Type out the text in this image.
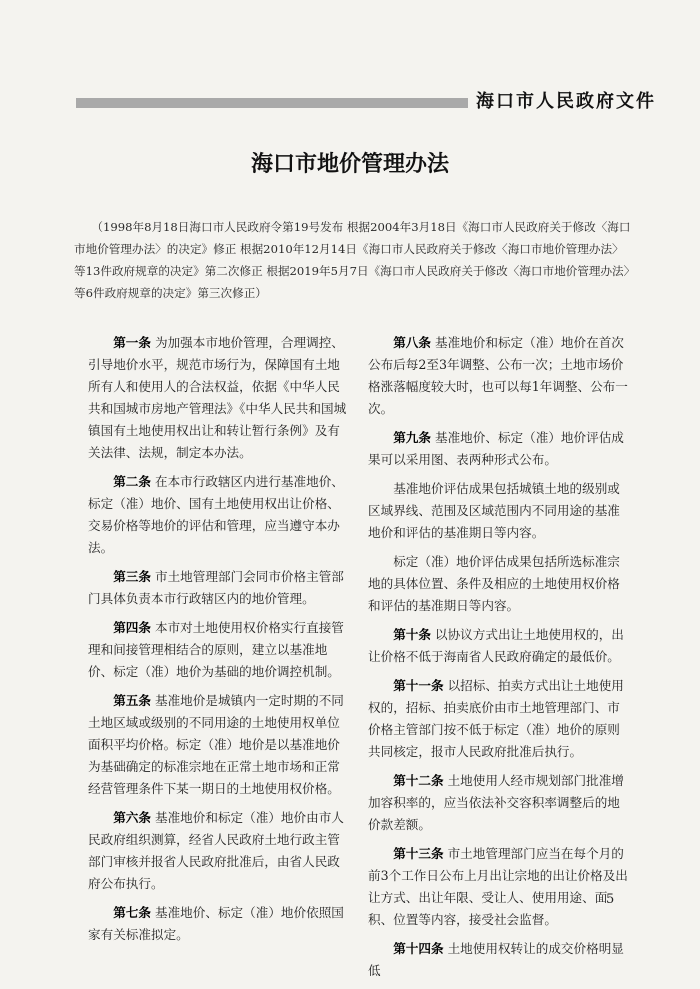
海口市人民政府文件
海口市地价管理办法
（1998年8月18日海口市人民政府令第19号发布 根据2004年3月18日《海口市人民政府关于修改〈海口市地价管理办法〉的决定》修正 根据2010年12月14日《海口市人民政府关于修改〈海口市地价管理办法〉等13件政府规章的决定》第二次修正 根据2019年5月7日《海口市人民政府关于修改〈海口市地价管理办法〉等6件政府规章的决定》第三次修正）

第一条 为加强本市地价管理，合理调控、引导地价水平，规范市场行为，保障国有土地所有人和使用人的合法权益，依据《中华人民共和国城市房地产管理法》《中华人民共和国城镇国有土地使用权出让和转让暂行条例》及有关法律、法规，制定本办法。

第二条 在本市行政辖区内进行基准地价、标定（准）地价、国有土地使用权出让价格、交易价格等地价的评估和管理，应当遵守本办法。

第三条 市土地管理部门会同市价格主管部门具体负责本市行政辖区内的地价管理。

第四条 本市对土地使用权价格实行直接管理和间接管理相结合的原则，建立以基准地价、标定（准）地价为基础的地价调控机制。

第五条 基准地价是城镇内一定时期的不同土地区域或级别的不同用途的土地使用权单位面积平均价格。标定（准）地价是以基准地价为基础确定的标准宗地在正常土地市场和正常经营管理条件下某一期日的土地使用权价格。

第六条 基准地价和标定（准）地价由市人民政府组织测算，经省人民政府土地行政主管部门审核并报省人民政府批准后，由省人民政府公布执行。

第七条 基准地价、标定（准）地价依照国家有关标准拟定。

第八条 基准地价和标定（准）地价在首次公布后每2至3年调整、公布一次；土地市场价格涨落幅度较大时，也可以每1年调整、公布一次。

第九条 基准地价、标定（准）地价评估成果可以采用图、表两种形式公布。

基准地价评估成果包括城镇土地的级别或区域界线、范围及区域范围内不同用途的基准地价和评估的基准期日等内容。

标定（准）地价评估成果包括所选标准宗地的具体位置、条件及相应的土地使用权价格和评估的基准期日等内容。

第十条 以协议方式出让土地使用权的，出让价格不低于海南省人民政府确定的最低价。

第十一条 以招标、拍卖方式出让土地使用权的，招标、拍卖底价由市土地管理部门、市价格主管部门按不低于标定（准）地价的原则共同核定，报市人民政府批准后执行。

第十二条 土地使用人经市规划部门批准增加容积率的，应当依法补交容积率调整后的地价款差额。

第十三条 市土地管理部门应当在每个月的前3个工作日公布上月出让宗地的出让价格及出让方式、出让年限、受让人、使用用途、面积、位置等内容，接受社会监督。

第十四条 土地使用权转让的成交价格明显低

5
